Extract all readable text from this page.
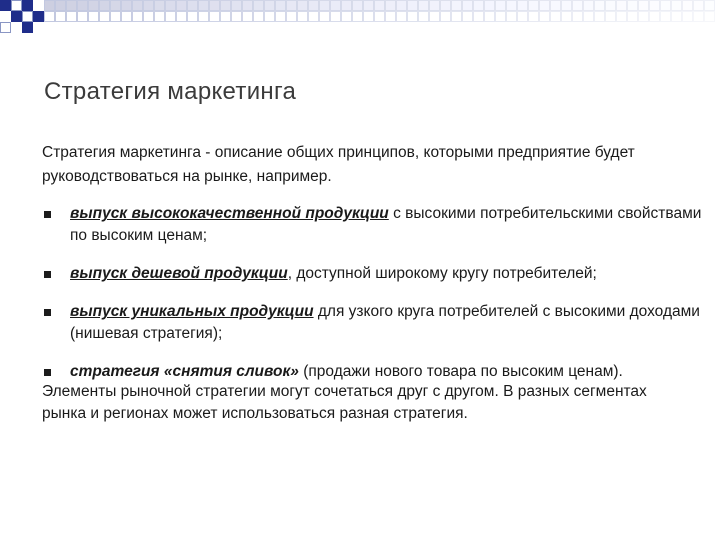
Стратегия маркетинга
Стратегия маркетинга - описание общих принципов, которыми предприятие будет руководствоваться на рынке, например.
выпуск высококачественной продукции с высокими потребительскими свойствами по высоким ценам;
выпуск дешевой продукции, доступной широкому кругу потребителей;
выпуск уникальных продукции для узкого круга потребителей с высокими доходами (нишевая стратегия);
стратегия «снятия сливок» (продажи нового товара по высоким ценам).
Элементы рыночной стратегии могут сочетаться друг с другом. В разных сегментах рынка и регионах может использоваться разная стратегия.
